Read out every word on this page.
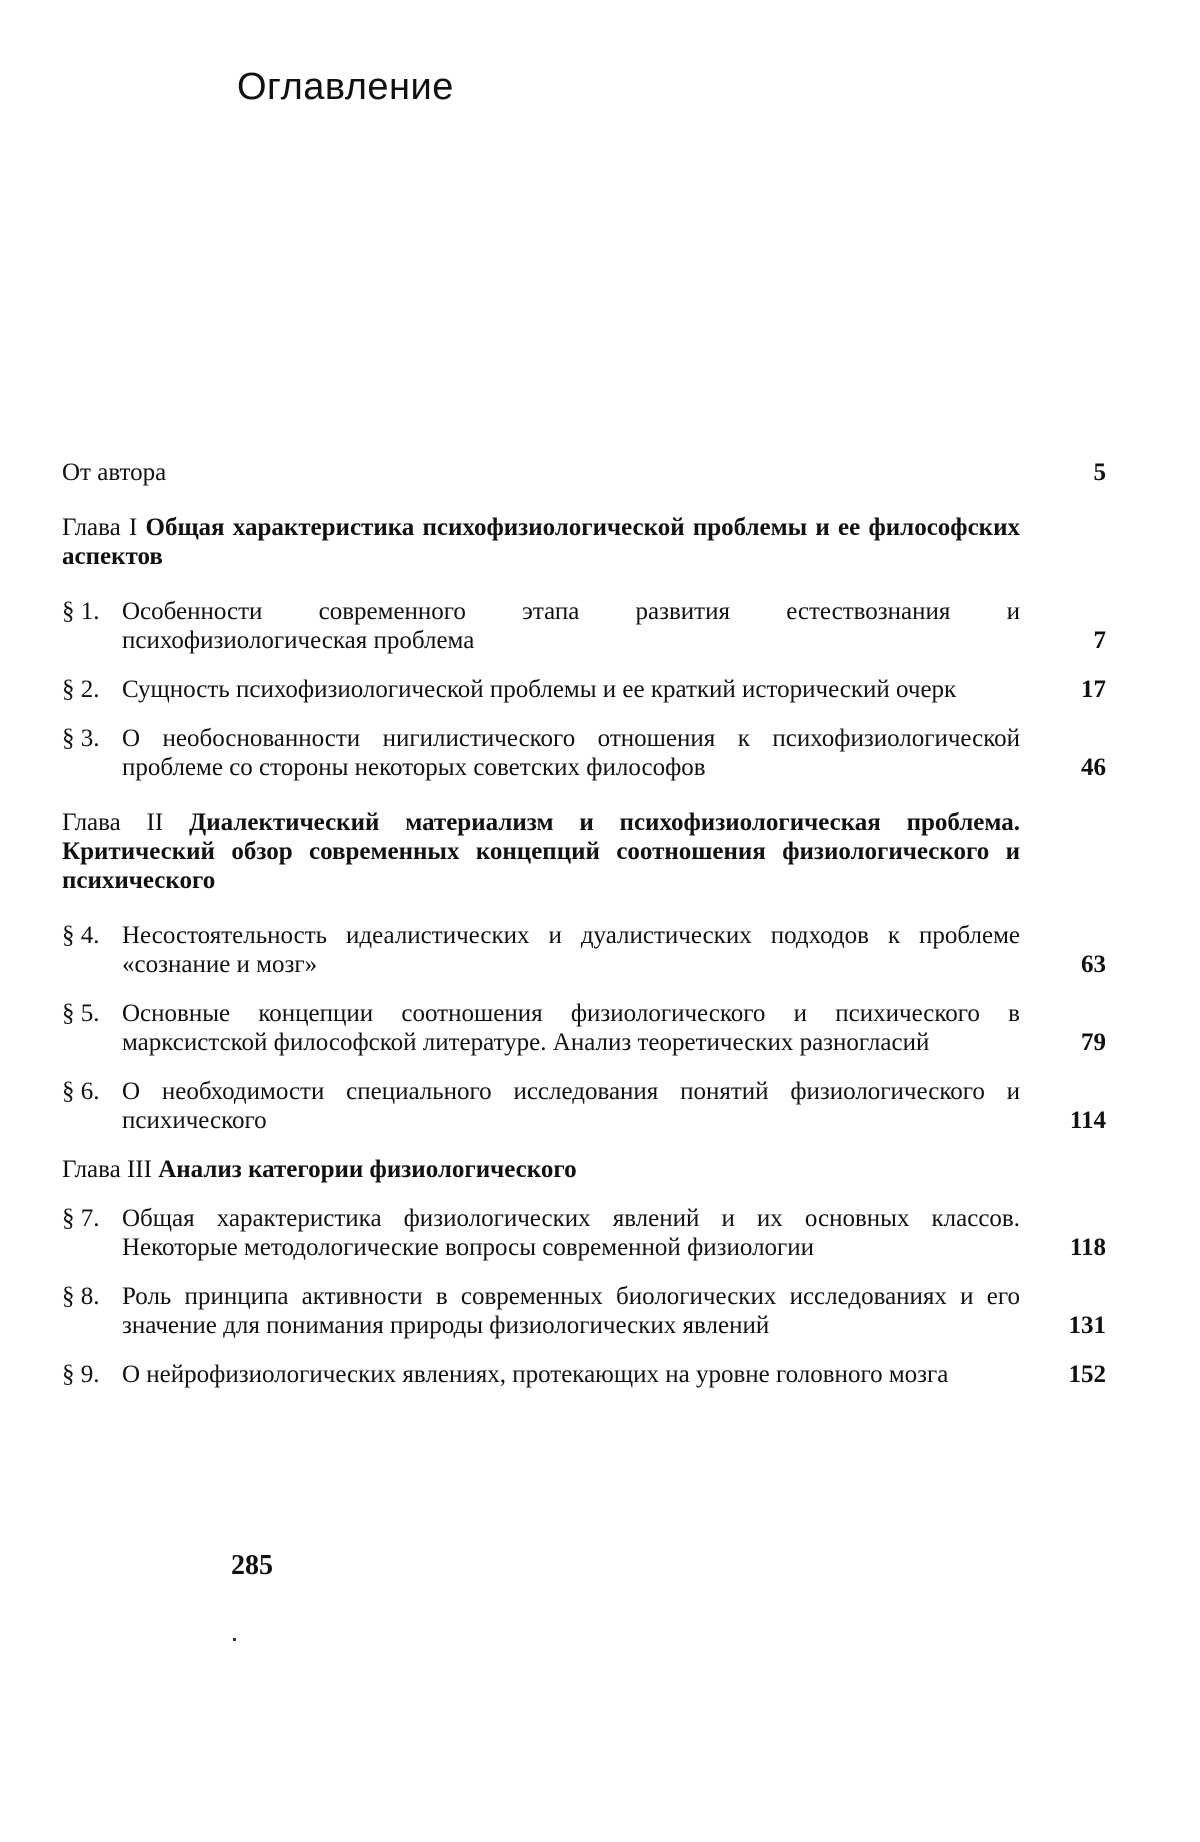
Оглавление
От автора	5
Глава I Общая характеристика психофизиологической проблемы и ее философских аспектов
§ 1. Особенности современного этапа развития естествознания и психофизиологическая проблема	7
§ 2. Сущность психофизиологической проблемы и ее краткий исторический очерк	17
§ 3. О необоснованности нигилистического отношения к психофизиологической проблеме со стороны некоторых советских философов	46
Глава II Диалектический материализм и психофизиологическая проблема. Критический обзор современных концепций соотношения физиологического и психического
§ 4. Несостоятельность идеалистических и дуалистических подходов к проблеме «сознание и мозг»	63
§ 5. Основные концепции соотношения физиологического и психического в марксистской философской литературе. Анализ теоретических разногласий	79
§ 6. О необходимости специального исследования понятий физиологического и психического	114
Глава III Анализ категории физиологического
§ 7. Общая характеристика физиологических явлений и их основных классов. Некоторые методологические вопросы современной физиологии	118
§ 8. Роль принципа активности в современных биологических исследованиях и его значение для понимания природы физиологических явлений	131
§ 9. О нейрофизиологических явлениях, протекающих на уровне головного мозга	152
285
